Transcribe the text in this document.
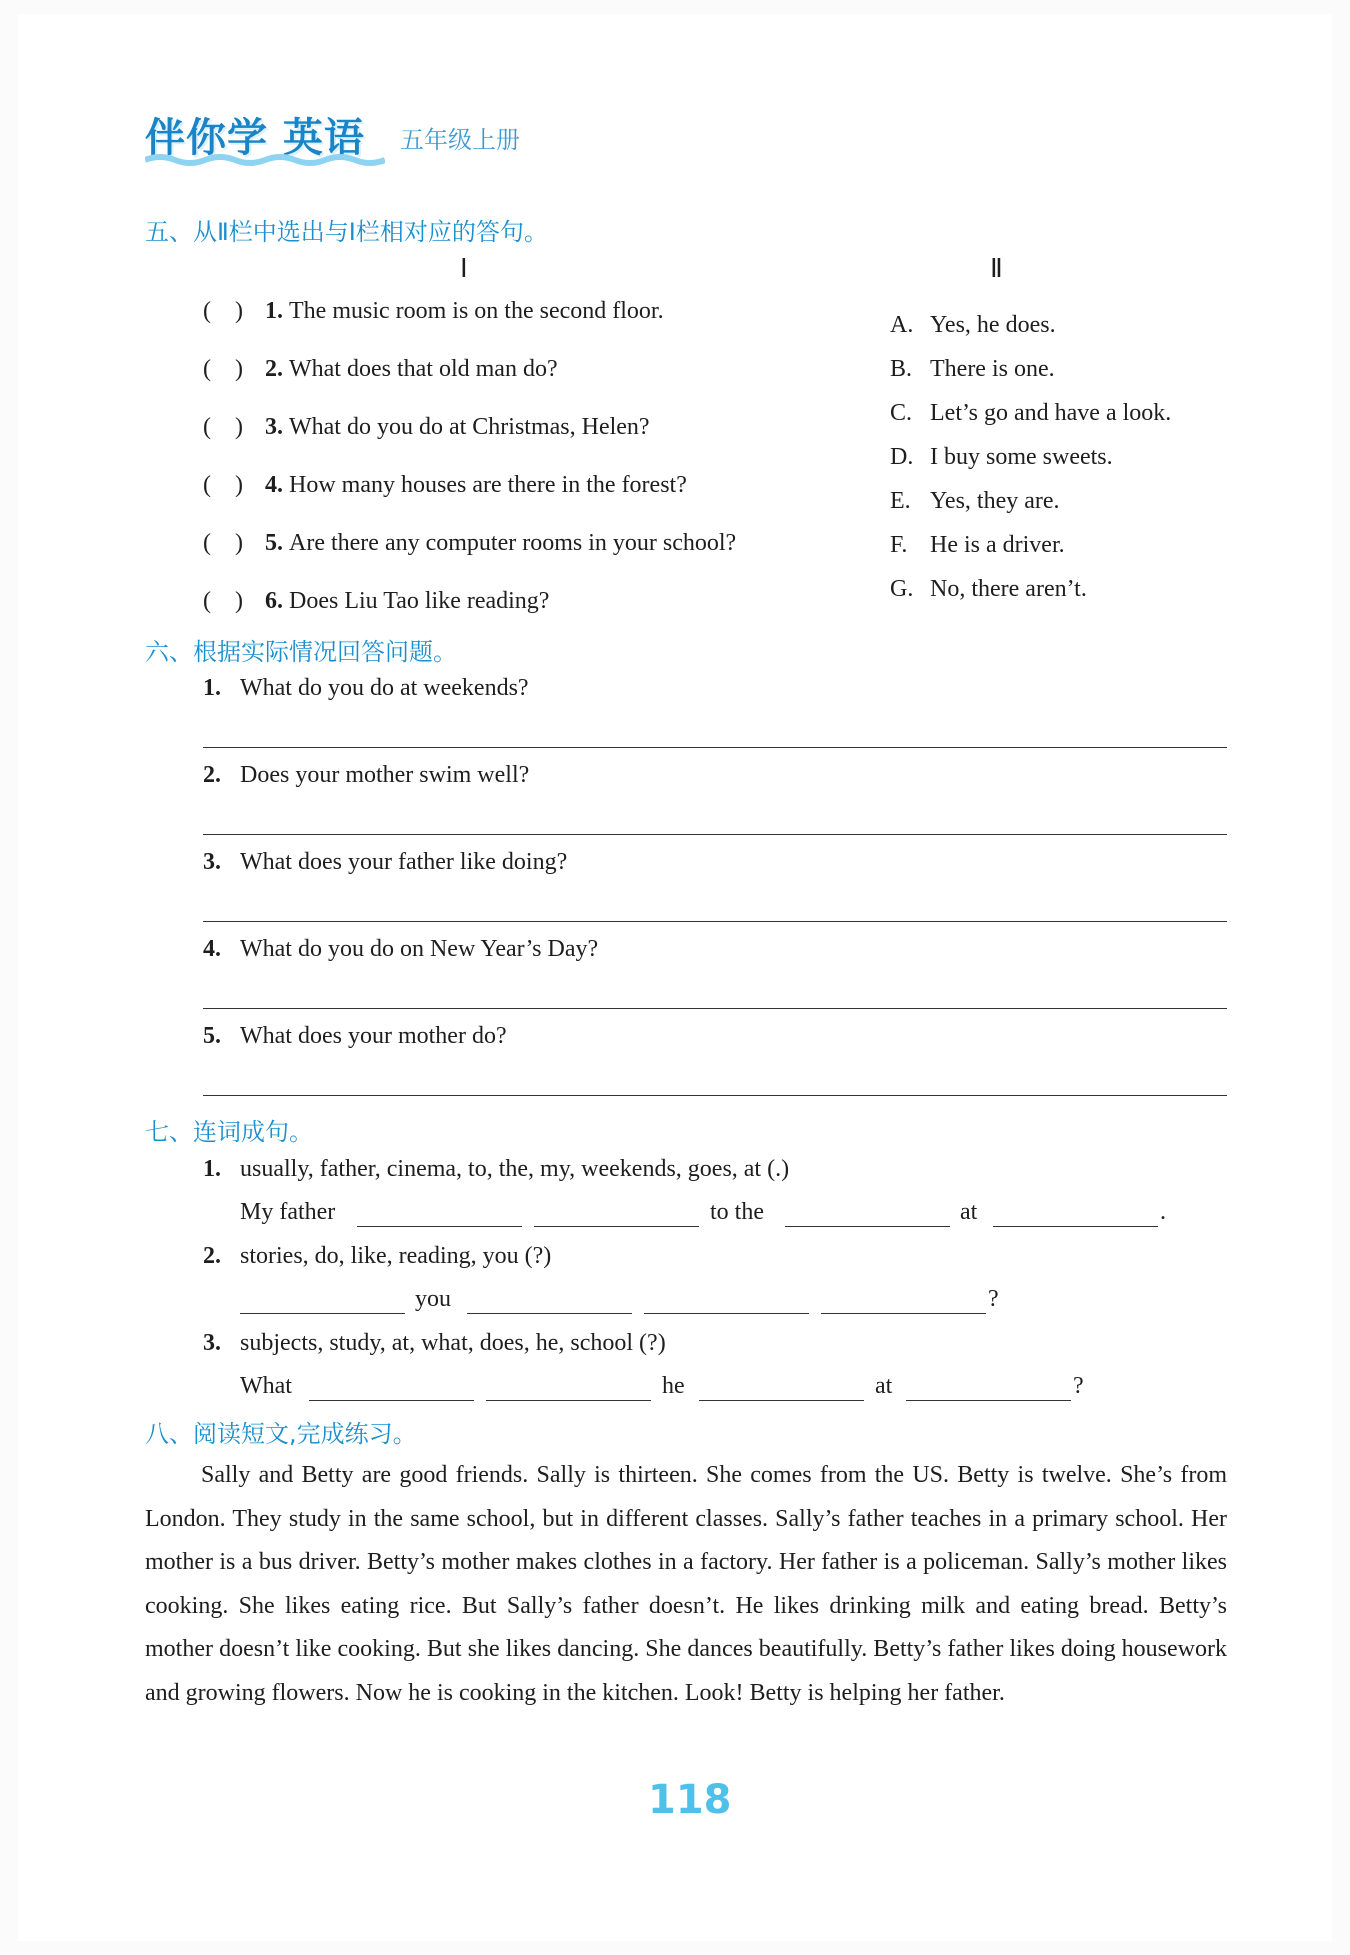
伴你学 英语 五年级上册
五、从Ⅱ栏中选出与Ⅰ栏相对应的答句。
Ⅰ	Ⅱ
(    ) 1. The music room is on the second floor.
(    ) 2. What does that old man do?
(    ) 3. What do you do at Christmas, Helen?
(    ) 4. How many houses are there in the forest?
(    ) 5. Are there any computer rooms in your school?
(    ) 6. Does Liu Tao like reading?
A. Yes, he does.
B. There is one.
C. Let’s go and have a look.
D. I buy some sweets.
E. Yes, they are.
F. He is a driver.
G. No, there aren’t.
六、根据实际情况回答问题。
1. What do you do at weekends?
2. Does your mother swim well?
3. What does your father like doing?
4. What do you do on New Year’s Day?
5. What does your mother do?
七、连词成句。
1. usually, father, cinema, to, the, my, weekends, goes, at (.)
My father	to the	at	.
2. stories, do, like, reading, you (?)
you	?
3. subjects, study, at, what, does, he, school (?)
What	he	at	?
八、阅读短文,完成练习。

Sally and Betty are good friends. Sally is thirteen. She comes from the US. Betty is twelve. She’s from London. They study in the same school, but in different classes. Sally’s father teaches in a primary school. Her mother is a bus driver. Betty’s mother makes clothes in a factory. Her father is a policeman. Sally’s mother likes cooking. She likes eating rice. But Sally’s father doesn’t. He likes drinking milk and eating bread. Betty’s mother doesn’t like cooking. But she likes dancing. She dances beautifully. Betty’s father likes doing housework and growing flowers. Now he is cooking in the kitchen. Look! Betty is helping her father.

118
